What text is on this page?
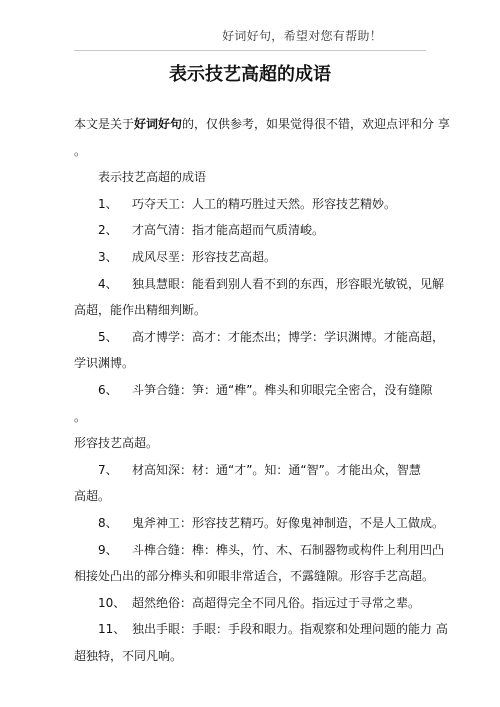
好词好句，希望对您有帮助！
表示技艺高超的成语
本文是关于好词好句的，仅供参考，如果觉得很不错，欢迎点评和分 享
。
表示技艺高超的成语
1、 巧夺天工：人工的精巧胜过天然。形容技艺精妙。
2、 才高气清：指才能高超而气质清峻。
3、 成风尽垩：形容技艺高超。
4、 独具慧眼：能看到别人看不到的东西，形容眼光敏锐，见解
高超，能作出精细判断。
5、 高才博学：高才：才能杰出；博学：学识渊博。才能高超，
学识渊博。
6、 斗笋合缝：笋：通“榫”。榫头和卯眼完全密合，没有缝隙
。
形容技艺高超。
7、 材高知深：材：通“才”。知：通“智”。才能出众，智慧
高超。
8、 鬼斧神工：形容技艺精巧。好像鬼神制造，不是人工做成。
9、 斗榫合缝：榫：榫头，竹、木、石制器物或构件上利用凹凸
相接处凸出的部分榫头和卯眼非常适合，不露缝隙。形容手艺高超。
10、 超然绝俗：高超得完全不同凡俗。指远过于寻常之辈。
11、 独出手眼：手眼：手段和眼力。指观察和处理问题的能力 高
超独特，不同凡响。
